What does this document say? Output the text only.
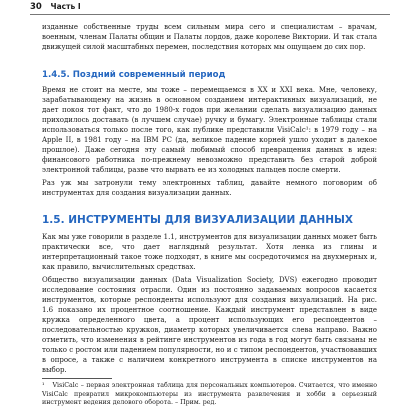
30 Часть I

изданные собственные труды всем сильным мира сего и специалистам – врачам, военным, членам Палаты общин и Палаты лордов, даже королеве Виктории. И так стала движущей силой масштабных перемен, последствия которых мы ощущаем до сих пор.

1.4.5. Поздний современный период

Время не стоит на месте, мы тоже – перемещаемся в XX и XXI века. Мне, человеку, зарабатывающему на жизнь в основном созданием интерактивных визуализаций, не дает покоя тот факт, что до 1980-х годов при желании сделать визуализацию данных приходилось доставать (в лучшем случае) ручку и бумагу. Электронные таблицы стали использоваться только после того, как публике представили VisiCalc¹: в 1979 году – на Apple II, в 1981 году – на IBM PC (да, великое падение корней ушло уходит в далекое прошлое). Даже сегодня эту самый любимый способ превращения данных в идея: финансового работника по-прежнему невозможно представить без старой доброй электронной таблицы, разве что вырвать ее из холодных пальцев после смерти.

Раз уж мы затронули тему электронных таблиц, давайте немного поговорим об инструментах для создания визуализации данных.

1.5. ИНСТРУМЕНТЫ ДЛЯ ВИЗУАЛИЗАЦИИ ДАННЫХ

Как мы уже говорили в разделе 1.1, инструментов для визуализации данных может быть практически все, что дает наглядный результат. Хотя ленка из глины и интерпретационный такое тоже подходят, в книге мы сосредоточимся на двухмерных и, как правило, вычислительных средствах.

Общество визуализации данных (Data Visualization Society, DVS) ежегодно проводит исследование состояния отрасли. Один из постоянно задаваемых вопросов касается инструментов, которые респонденты используют для создания визуализаций. На рис. 1.6 показано их процентное соотношение. Каждый инструмент представлен в виде кружка определенного цвета, а процент использующих его респондентов – последовательностью кружков, диаметр которых увеличивается слева направо. Важно отметить, что изменения в рейтинге инструментов из года в год могут быть связаны не только с ростом или падением популярности, но и с типом респондентов, участвовавших в опросе, а также с наличием конкретного инструмента в списке инструментов на выбор.

¹ VisiCalc – первая электронная таблица для персональных компьютеров. Считается, что именно VisiCalc превратил микрокомпьютеры из инструмента развлечения и хобби в серьезный инструмент ведения делового оборота. – Прим. ред.
